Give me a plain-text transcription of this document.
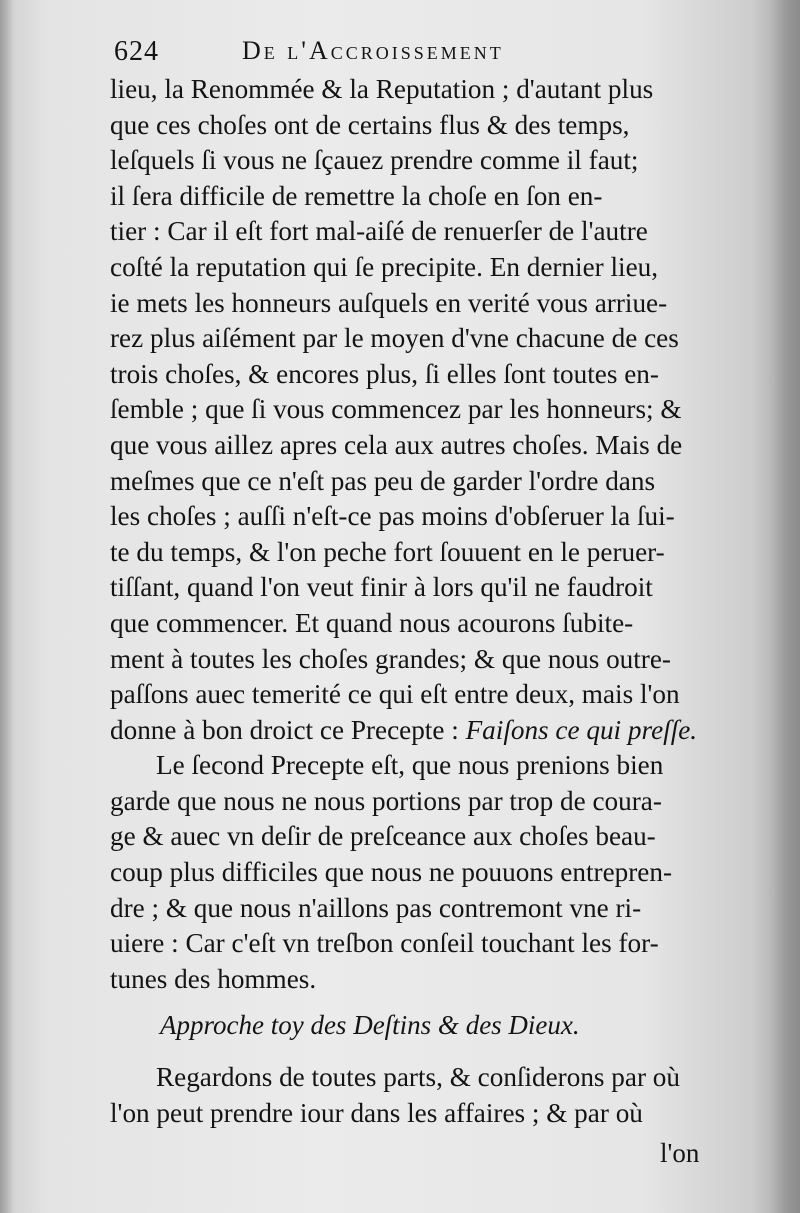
624	De l'Accroissement
lieu, la Renommée & la Reputation ; d'autant plus
que ces choſes ont de certains flus & des temps,
leſquels ſi vous ne ſçauez prendre comme il faut;
il ſera difficile de remettre la choſe en ſon en-
tier : Car il eſt fort mal-aiſé de renuerſer de l'autre
coſté la reputation qui ſe precipite. En dernier lieu,
ie mets les honneurs auſquels en verité vous arriue-
rez plus aiſément par le moyen d'vne chacune de ces
trois choſes, & encores plus, ſi elles ſont toutes en-
ſemble ; que ſi vous commencez par les honneurs; &
que vous aillez apres cela aux autres choſes. Mais de
meſmes que ce n'eſt pas peu de garder l'ordre dans
les choſes ; auſſi n'eſt-ce pas moins d'obſeruer la ſui-
te du temps, & l'on peche fort ſouuent en le peruer-
tiſſant, quand l'on veut finir à lors qu'il ne faudroit
que commencer. Et quand nous acourons ſubite-
ment à toutes les choſes grandes; & que nous outre-
paſſons auec temerité ce qui eſt entre deux, mais l'on
donne à bon droict ce Precepte : Faiſons ce qui preſſe.
Le ſecond Precepte eſt, que nous prenions bien
garde que nous ne nous portions par trop de coura-
ge & auec vn deſir de preſceance aux choſes beau-
coup plus difficiles que nous ne pouuons entrepren-
dre ; & que nous n'aillons pas contremont vne ri-
uiere : Car c'eſt vn treſbon conſeil touchant les for-
tunes des hommes.
Approche toy des Deſtins & des Dieux.
Regardons de toutes parts, & conſiderons par où
l'on peut prendre iour dans les affaires ; & par où
l'on
